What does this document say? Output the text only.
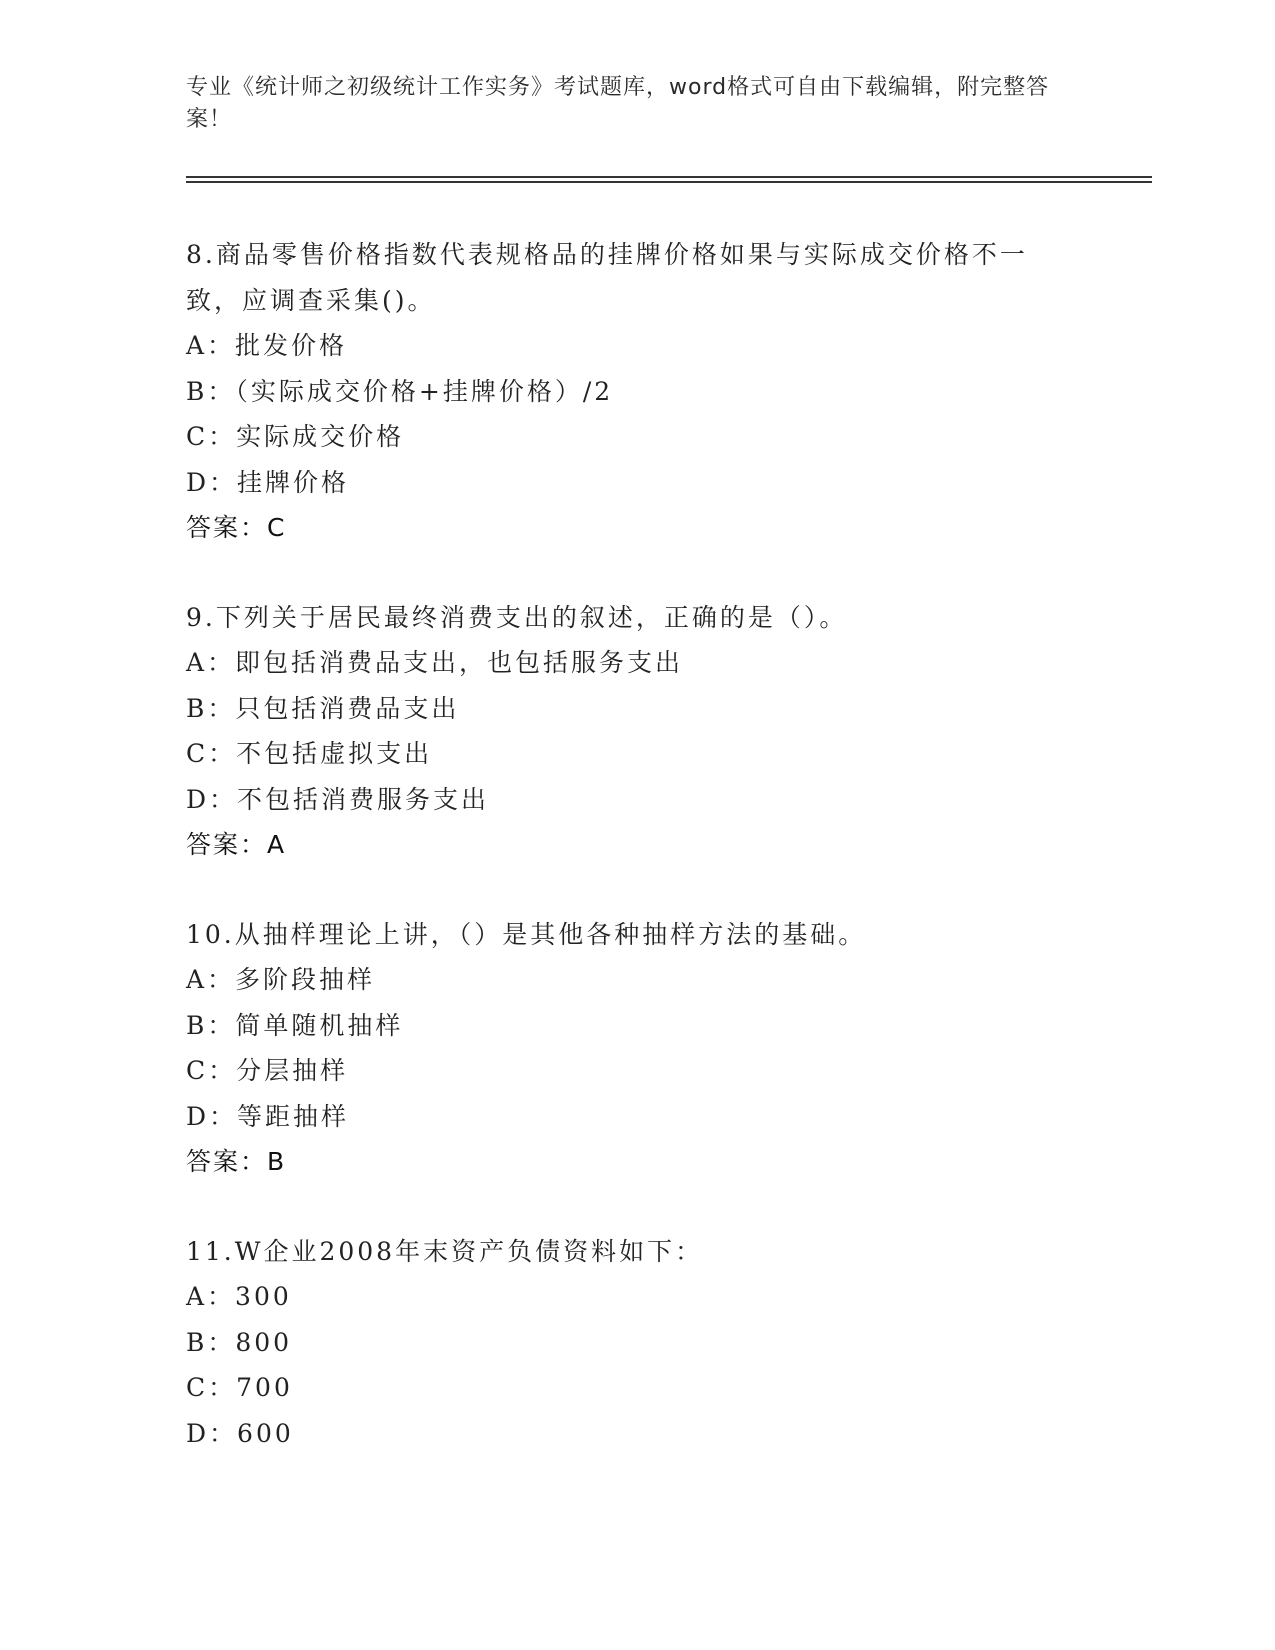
专业《统计师之初级统计工作实务》考试题库，word格式可自由下载编辑，附完整答案！
8.商品零售价格指数代表规格品的挂牌价格如果与实际成交价格不一致，应调查采集()。
A：批发价格
B：（实际成交价格+挂牌价格）/2
C：实际成交价格
D：挂牌价格
答案：C
9.下列关于居民最终消费支出的叙述，正确的是（）。
A：即包括消费品支出，也包括服务支出
B：只包括消费品支出
C：不包括虚拟支出
D：不包括消费服务支出
答案：A
10.从抽样理论上讲，（）是其他各种抽样方法的基础。
A：多阶段抽样
B：简单随机抽样
C：分层抽样
D：等距抽样
答案：B
11.W企业2008年末资产负债资料如下：
A：300
B：800
C：700
D：600
